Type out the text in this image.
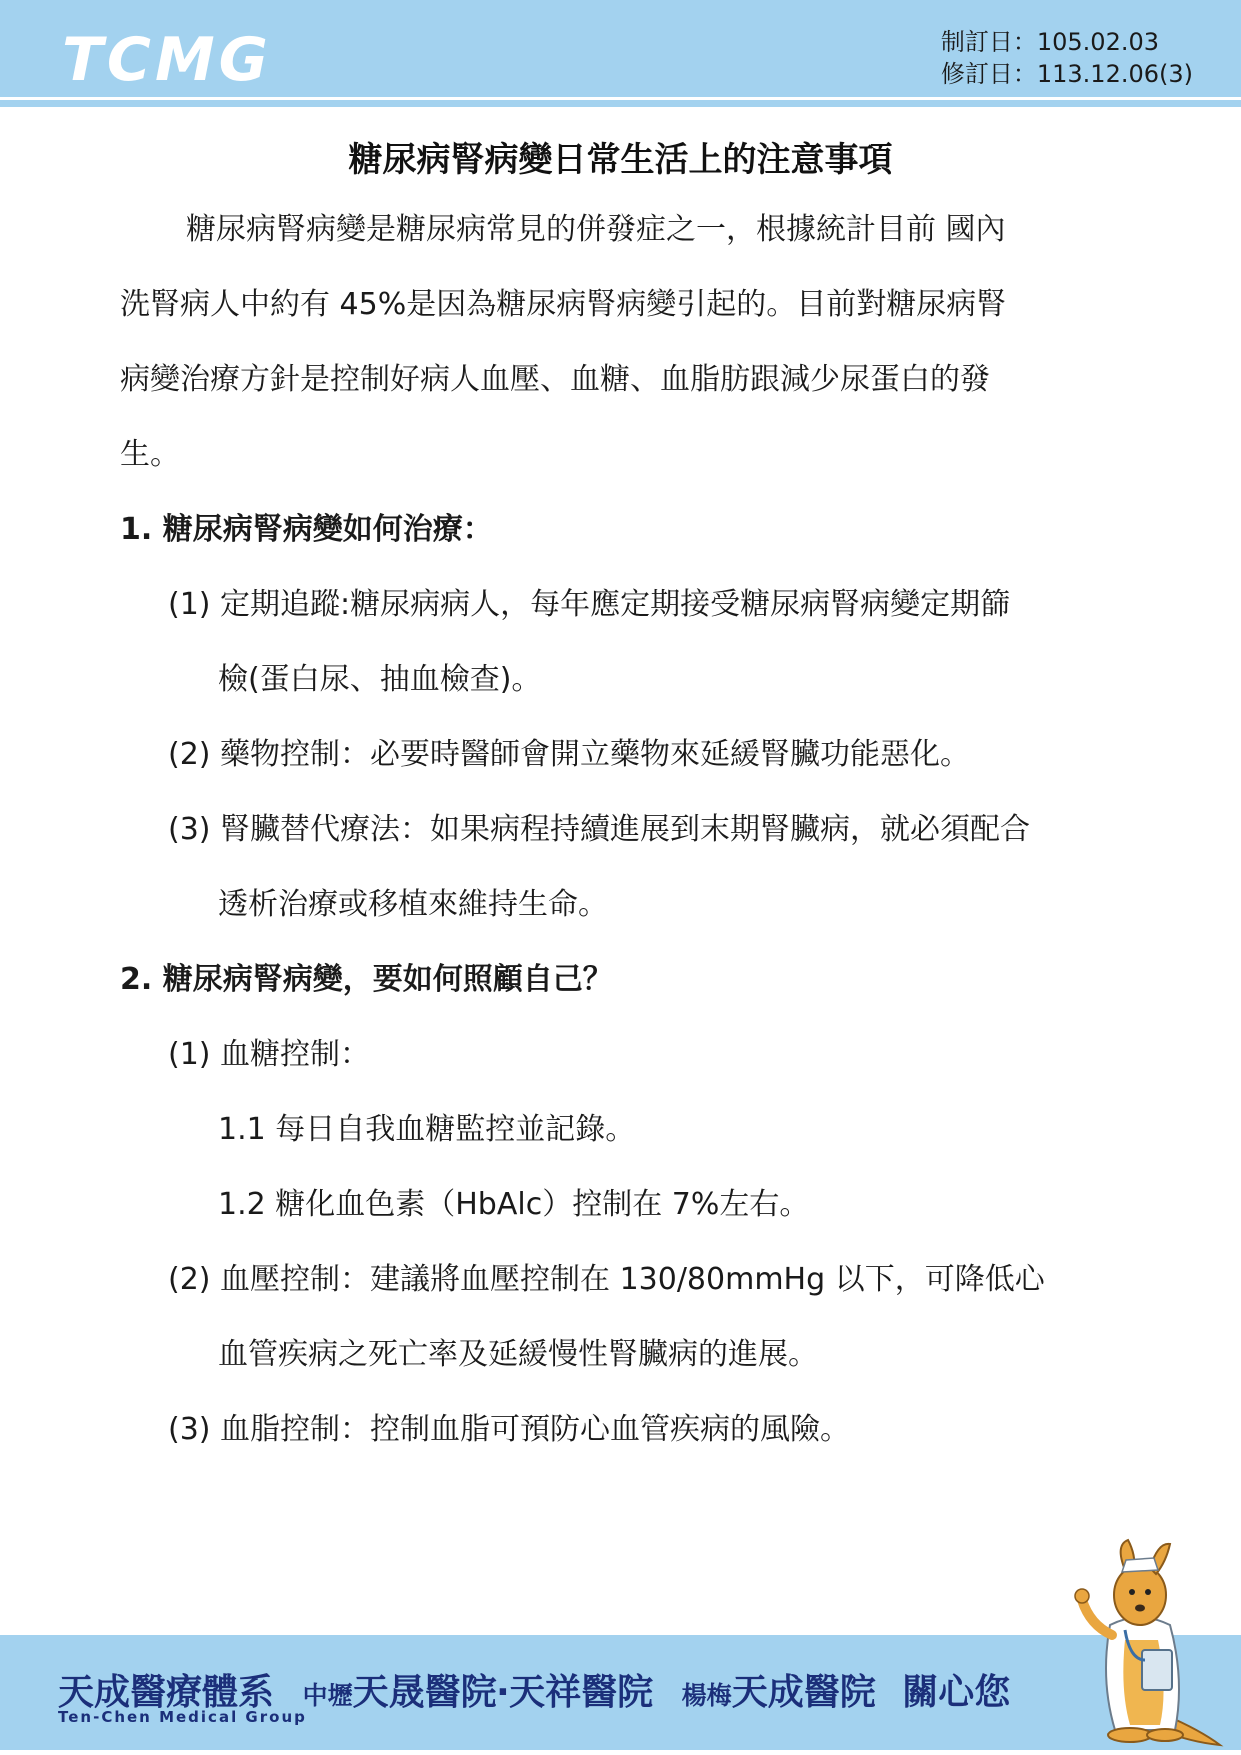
TCMG	制訂日：105.02.03
修訂日：113.12.06(3)
糖尿病腎病變日常生活上的注意事項
糖尿病腎病變是糖尿病常見的併發症之一，根據統計目前 國內
洗腎病人中約有 45%是因為糖尿病腎病變引起的。目前對糖尿病腎
病變治療方針是控制好病人血壓、血糖、血脂肪跟減少尿蛋白的發
生。
1. 糖尿病腎病變如何治療：
(1) 定期追蹤:糖尿病病人，每年應定期接受糖尿病腎病變定期篩
檢(蛋白尿、抽血檢查)。
(2) 藥物控制：必要時醫師會開立藥物來延緩腎臟功能惡化。
(3) 腎臟替代療法：如果病程持續進展到末期腎臟病，就必須配合
透析治療或移植來維持生命。
2. 糖尿病腎病變，要如何照顧自己？
(1) 血糖控制：
1.1 每日自我血糖監控並記錄。
1.2 糖化血色素（HbAlc）控制在 7%左右。
(2) 血壓控制：建議將血壓控制在 130/80mmHg 以下，可降低心
血管疾病之死亡率及延緩慢性腎臟病的進展。
(3) 血脂控制：控制血脂可預防心血管疾病的風險。
天成醫療體系 中壢天晟醫院‧天祥醫院 楊梅天成醫院 關心您
Ten-Chen Medical Group
